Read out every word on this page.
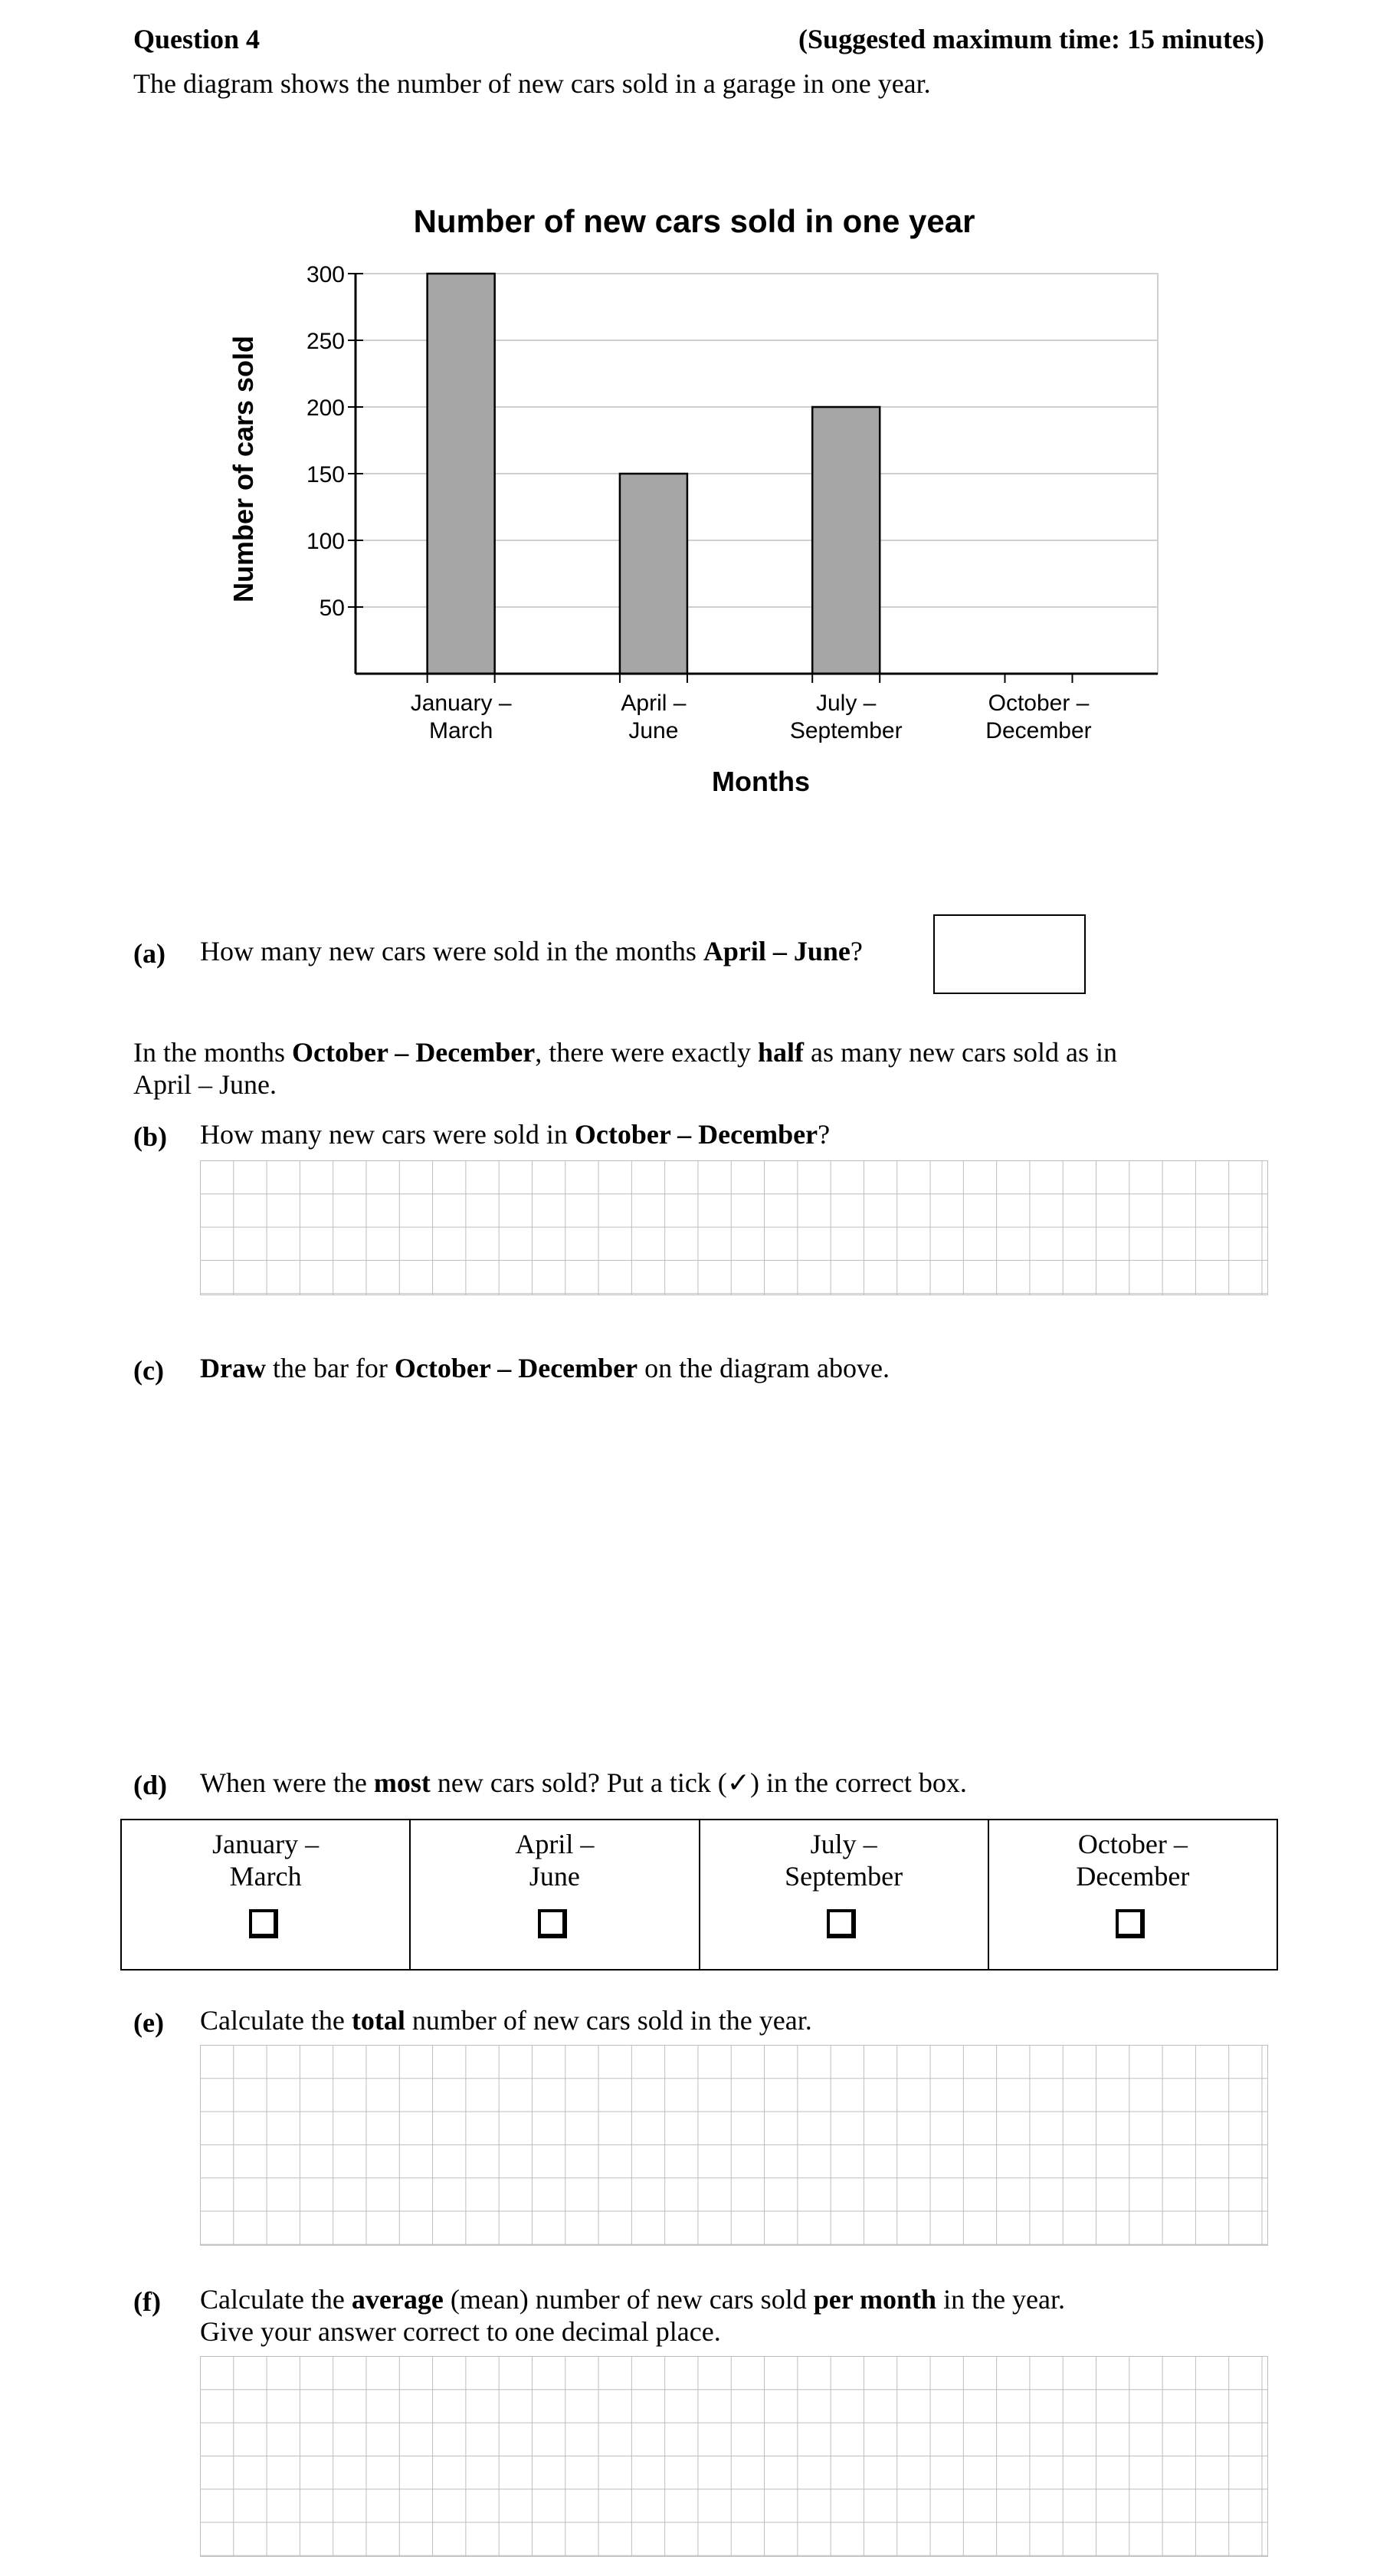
Question 4	(Suggested maximum time: 15 minutes)
The diagram shows the number of new cars sold in a garage in one year.
Number of new cars sold in one year
Number of cars sold
Months
50
100
150
200
250
300
January –
March
April –
June
July –
September
October –
December
(a) How many new cars were sold in the months April – June?
In the months October – December, there were exactly half as many new cars sold as in
April – June.
(b) How many new cars were sold in October – December?
(c) Draw the bar for October – December on the diagram above.
(d) When were the most new cars sold? Put a tick (✓) in the correct box.
January –
March

April –
June

July –
September

October –
December
(e) Calculate the total number of new cars sold in the year.
(f) Calculate the average (mean) number of new cars sold per month in the year.
Give your answer correct to one decimal place.
